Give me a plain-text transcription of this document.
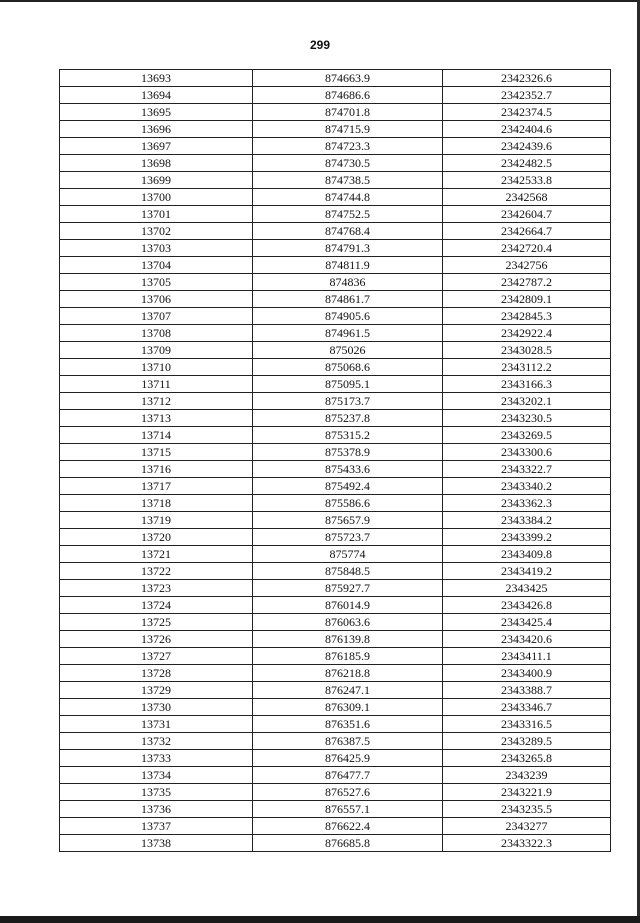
299
13693	874663.9	2342326.6
13694	874686.6	2342352.7
13695	874701.8	2342374.5
13696	874715.9	2342404.6
13697	874723.3	2342439.6
13698	874730.5	2342482.5
13699	874738.5	2342533.8
13700	874744.8	2342568
13701	874752.5	2342604.7
13702	874768.4	2342664.7
13703	874791.3	2342720.4
13704	874811.9	2342756
13705	874836	2342787.2
13706	874861.7	2342809.1
13707	874905.6	2342845.3
13708	874961.5	2342922.4
13709	875026	2343028.5
13710	875068.6	2343112.2
13711	875095.1	2343166.3
13712	875173.7	2343202.1
13713	875237.8	2343230.5
13714	875315.2	2343269.5
13715	875378.9	2343300.6
13716	875433.6	2343322.7
13717	875492.4	2343340.2
13718	875586.6	2343362.3
13719	875657.9	2343384.2
13720	875723.7	2343399.2
13721	875774	2343409.8
13722	875848.5	2343419.2
13723	875927.7	2343425
13724	876014.9	2343426.8
13725	876063.6	2343425.4
13726	876139.8	2343420.6
13727	876185.9	2343411.1
13728	876218.8	2343400.9
13729	876247.1	2343388.7
13730	876309.1	2343346.7
13731	876351.6	2343316.5
13732	876387.5	2343289.5
13733	876425.9	2343265.8
13734	876477.7	2343239
13735	876527.6	2343221.9
13736	876557.1	2343235.5
13737	876622.4	2343277
13738	876685.8	2343322.3
